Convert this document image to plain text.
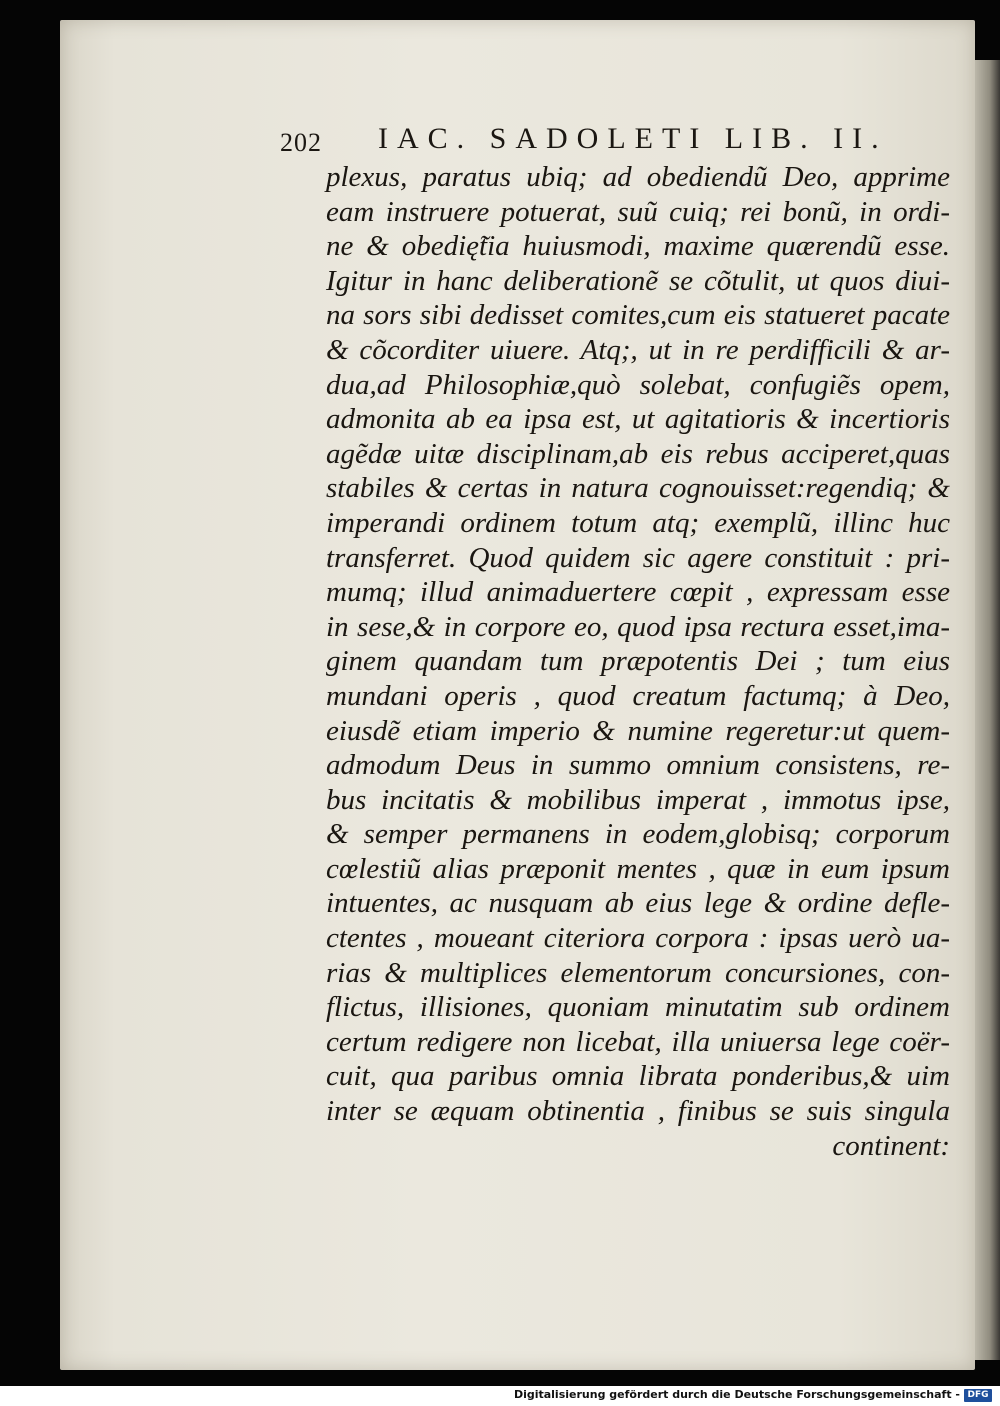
202 IAC. SADOLETI LIB. II.
plexus, paratus ubiq; ad obediendũ Deo, apprime
eam instruere potuerat, suũ cuiq; rei bonũ, in ordi-
ne & obedię̃tia huiusmodi, maxime quærendũ esse.
Igitur in hanc deliberationẽ se cõtulit, ut quos diui-
na sors sibi dedisset comites,cum eis statueret pacate
& cõcorditer uiuere. Atq;, ut in re perdifficili & ar-
dua,ad Philosophiæ,quò solebat, confugiẽs opem,
admonita ab ea ipsa est, ut agitatioris & incertioris
agẽdæ uitæ disciplinam,ab eis rebus acciperet,quas
stabiles & certas in natura cognouisset:regendiq; &
imperandi ordinem totum atq; exemplũ, illinc huc
transferret. Quod quidem sic agere constituit : pri-
mumq; illud animaduertere cœpit , expressam esse
in sese,& in corpore eo, quod ipsa rectura esset,ima-
ginem quandam tum præpotentis Dei ; tum eius
mundani operis , quod creatum factumq; à Deo,
eiusdẽ etiam imperio & numine regeretur:ut quem-
admodum Deus in summo omnium consistens, re-
bus incitatis & mobilibus imperat , immotus ipse,
& semper permanens in eodem,globisq; corporum
cœlestiũ alias præponit mentes , quæ in eum ipsum
intuentes, ac nusquam ab eius lege & ordine defle-
ctentes , moueant citeriora corpora : ipsas uerò ua-
rias & multiplices elementorum concursiones, con-
flictus, illisiones, quoniam minutatim sub ordinem
certum redigere non licebat, illa uniuersa lege coër-
cuit, qua paribus omnia librata ponderibus,& uim
inter se æquam obtinentia , finibus se suis singula
continent:
Digitalisierung gefördert durch die Deutsche Forschungsgemeinschaft - DFG
